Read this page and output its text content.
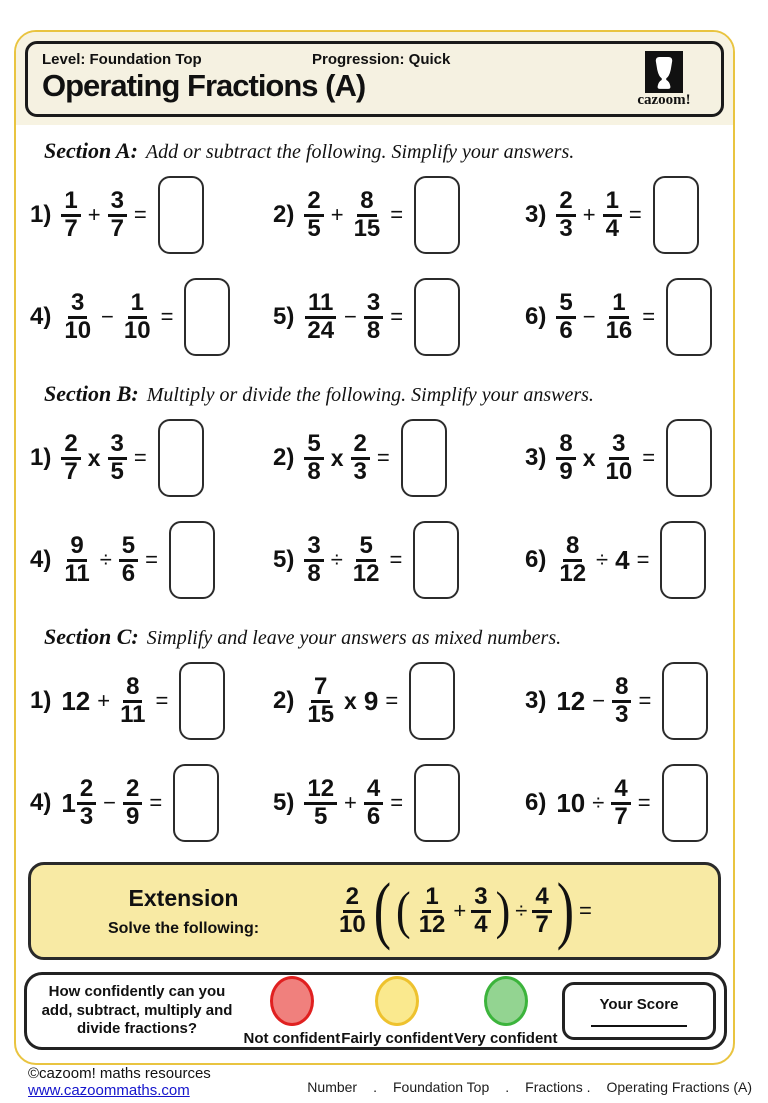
Level: Foundation Top	Progression: Quick
Operating Fractions (A)	cazoom!
Section A: Add or subtract the following. Simplify your answers.
$1) \frac{1}{7} + \frac{3}{7}$ =	$2) \frac{2}{5} + \frac{8}{15}$ =	$3) \frac{2}{3} + \frac{1}{4}$ =
$4) \frac{3}{10} - \frac{1}{10}$ =	$5) \frac{11}{24} - \frac{3}{8}$ =	$6) \frac{5}{6} - \frac{1}{16}$ =
Section B: Multiply or divide the following. Simplify your answers.
$1) \frac{2}{7}$ x $\frac{3}{5}$ =	$2) \frac{5}{8}$ x $\frac{2}{3}$ =	$3) \frac{8}{9}$ x $\frac{3}{10}$ =
$4) \frac{9}{11} \div \frac{5}{6}$ =	$5) \frac{3}{8} \div \frac{5}{12}$ =	$6) \frac{8}{12} \div 4$ =
Section C: Simplify and leave your answers as mixed numbers.
1) $12 + \frac{8}{11}$ =	$2) \frac{7}{15}$ x 9 =	3) $12 - \frac{8}{3}$ =
4) $1 \frac{2}{3} - \frac{2}{9}$ =	$5) \frac{12}{5} + \frac{4}{6}$ =	6) $10 \div \frac{4}{7}$ =
Extension
Solve the following:	$\frac{2}{10}$ ( ( $\frac{1}{12} + \frac{3}{4}$ ) ÷ $\frac{4}{7}$ ) =
How confidently can you
add, subtract, multiply and
divide fractions?
Not confident Fairly confident Very confident
Your Score
©cazoom! maths resources
www.cazoommaths.com	Number . Foundation Top . Fractions . Operating Fractions (A)
